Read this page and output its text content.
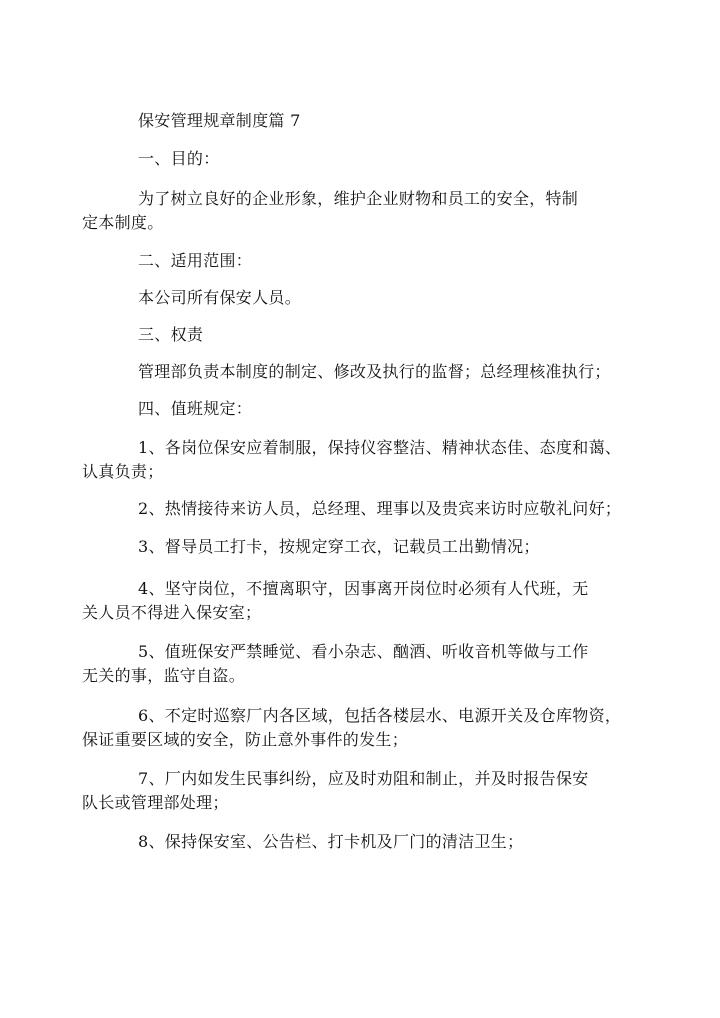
保安管理规章制度篇 7
一、目的：
为了树立良好的企业形象，维护企业财物和员工的安全，特制
定本制度。
二、适用范围：
本公司所有保安人员。
三、权责
管理部负责本制度的制定、修改及执行的监督；总经理核准执行；
四、值班规定：
1、各岗位保安应着制服，保持仪容整洁、精神状态佳、态度和蔼、
认真负责；
2、热情接待来访人员，总经理、理事以及贵宾来访时应敬礼问好；
3、督导员工打卡，按规定穿工衣，记载员工出勤情况；
4、坚守岗位，不擅离职守，因事离开岗位时必须有人代班，无
关人员不得进入保安室；
5、值班保安严禁睡觉、看小杂志、酗酒、听收音机等做与工作
无关的事，监守自盗。
6、不定时巡察厂内各区域，包括各楼层水、电源开关及仓库物资，
保证重要区域的安全，防止意外事件的发生；
7、厂内如发生民事纠纷，应及时劝阻和制止，并及时报告保安
队长或管理部处理；
8、保持保安室、公告栏、打卡机及厂门的清洁卫生；
